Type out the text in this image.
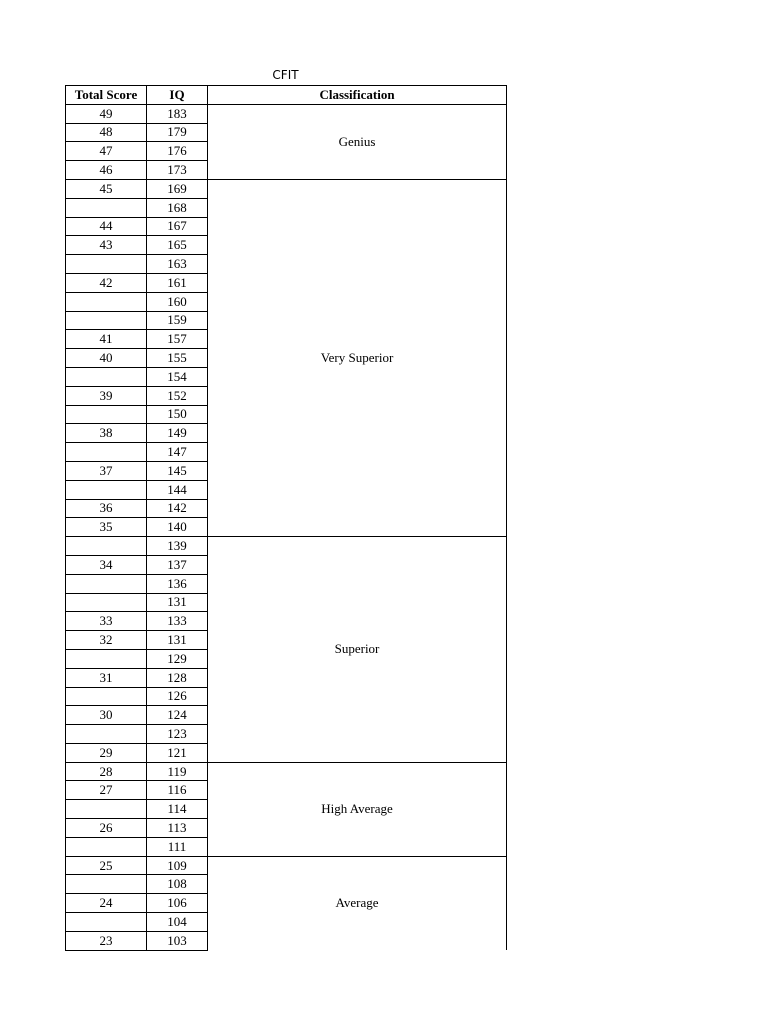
CFIT
Total Score	IQ	Classification
49	183	Genius
48	179	
47	176	
46	173	
45	169	Very Superior
	168	
44	167	
43	165	
	163	
42	161	
	160	
	159	
41	157	
40	155	
	154	
39	152	
	150	
38	149	
	147	
37	145	
	144	
36	142	
35	140	
	139	Superior
34	137	
	136	
	131	
33	133	
32	131	
	129	
31	128	
	126	
30	124	
	123	
29	121	
28	119	High Average
27	116	
	114	
26	113	
	111	
25	109	Average
	108	
24	106	
	104	
23	103	
